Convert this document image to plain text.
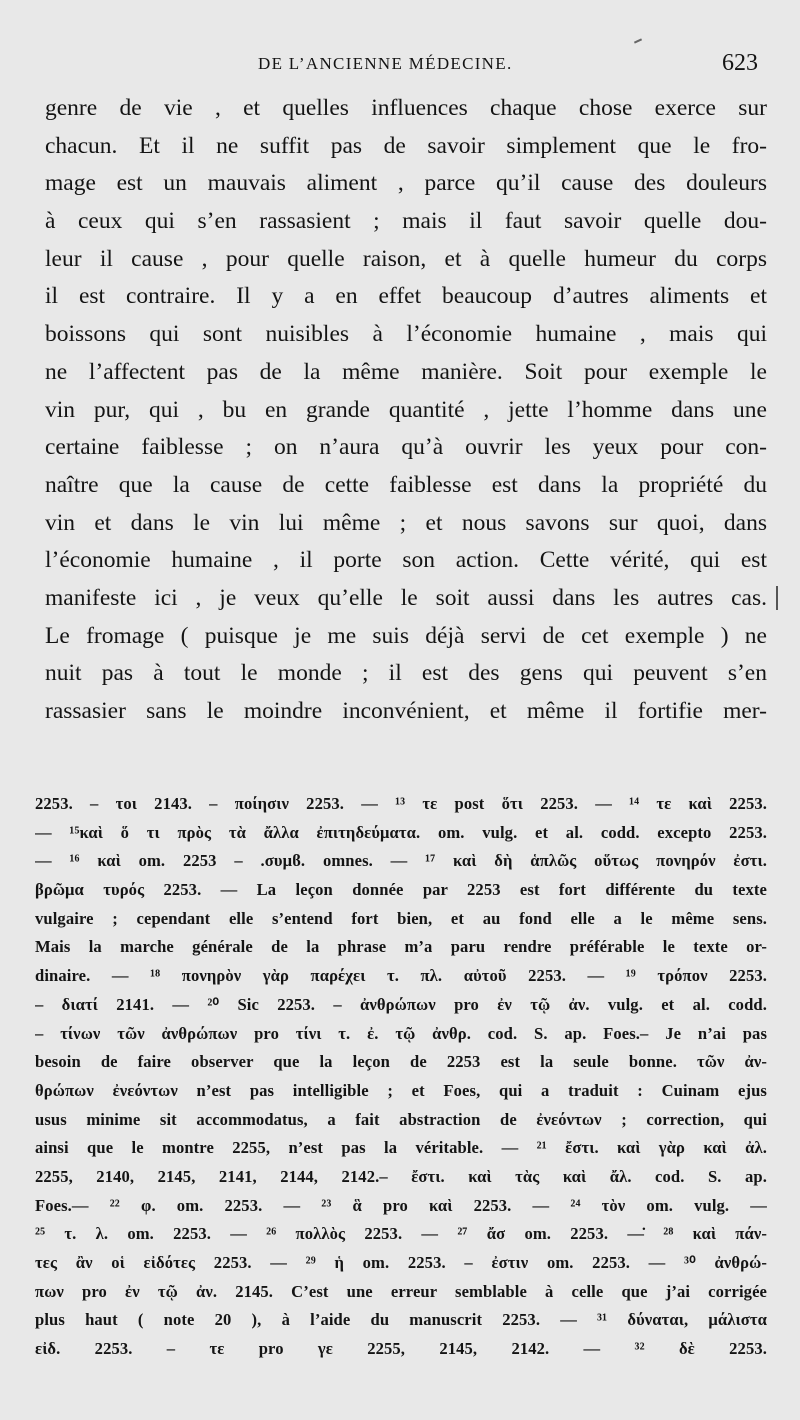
DE L’ANCIENNE MÉDECINE.	623
genre de vie , et quelles influences chaque chose exerce sur
chacun. Et il ne suffit pas de savoir simplement que le fro-
mage est un mauvais aliment , parce qu’il cause des douleurs
à ceux qui s’en rassasient ; mais il faut savoir quelle dou-
leur il cause , pour quelle raison, et à quelle humeur du corps
il est contraire. Il y a en effet beaucoup d’autres aliments et
boissons qui sont nuisibles à l’économie humaine , mais qui
ne l’affectent pas de la même manière. Soit pour exemple le
vin pur, qui , bu en grande quantité , jette l’homme dans une
certaine faiblesse ; on n’aura qu’à ouvrir les yeux pour con-
naître que la cause de cette faiblesse est dans la propriété du
vin et dans le vin lui même ; et nous savons sur quoi, dans
l’économie humaine , il porte son action. Cette vérité, qui est
manifeste ici , je veux qu’elle le soit aussi dans les autres cas.
Le fromage ( puisque je me suis déjà servi de cet exemple ) ne
nuit pas à tout le monde ; il est des gens qui peuvent s’en
rassasier sans le moindre inconvénient, et même il fortifie mer-
2253. – τοι 2143. – ποίησιν 2253. — ¹³ τε post ὅτι 2253. — ¹⁴ τε καὶ 2253.
— ¹⁵καὶ ὅ τι πρὸς τὰ ἄλλα ἐπιτηδεύματα. om. vulg. et al. codd. excepto 2253.
— ¹⁶ καὶ om. 2253 – .συμϐ. omnes. — ¹⁷ καὶ δὴ ἁπλῶς οὕτως πονηρόν ἐστι.
βρῶμα τυρός 2253. — La leçon donnée par 2253 est fort différente du texte
vulgaire ; cependant elle s’entend fort bien, et au fond elle a le même sens.
Mais la marche générale de la phrase m’a paru rendre préférable le texte or-
dinaire. — ¹⁸ πονηρὸν γὰρ παρέχει τ. πλ. αὐτοῦ 2253. — ¹⁹ τρόπον 2253.
– διατί 2141. — ²⁰ Sic 2253. – ἀνθρώπων pro ἐν τῷ ἀν. vulg. et al. codd.
– τίνων τῶν ἀνθρώπων pro τίνι τ. ἐ. τῷ ἀνθρ. cod. S. ap. Foes.– Je n’ai pas
besoin de faire observer que la leçon de 2253 est la seule bonne. τῶν ἀν-
θρώπων ἐνεόντων n’est pas intelligible ; et Foes, qui a traduit : Cuinam ejus
usus minime sit accommodatus, a fait abstraction de ἐνεόντων ; correction, qui
ainsi que le montre 2255, n’est pas la véritable. — ²¹ ἔστι. καὶ γὰρ καὶ ἀλ.
2255, 2140, 2145, 2141, 2144, 2142.– ἔστι. καὶ τὰς καὶ ἄλ. cod. S. ap.
Foes.— ²² φ. om. 2253. — ²³ ἃ pro καὶ 2253. — ²⁴ τὸν om. vulg. —
²⁵ τ. λ. om. 2253. — ²⁶ πολλὸς 2253. — ²⁷ ἄσ om. 2253. —̇ ²⁸ καὶ πάν-
τες ἂν οἱ εἰδότες 2253. — ²⁹ ἡ om. 2253. – ἐστιν om. 2253. — ³⁰ ἀνθρώ-
πων pro ἐν τῷ ἀν. 2145. C’est une erreur semblable à celle que j’ai corrigée
plus haut ( note 20 ), à l’aide du manuscrit 2253. — ³¹ δύναται, μάλιστα
εἰδ. 2253. – τε pro γε 2255, 2145, 2142. — ³² δὲ 2253.
